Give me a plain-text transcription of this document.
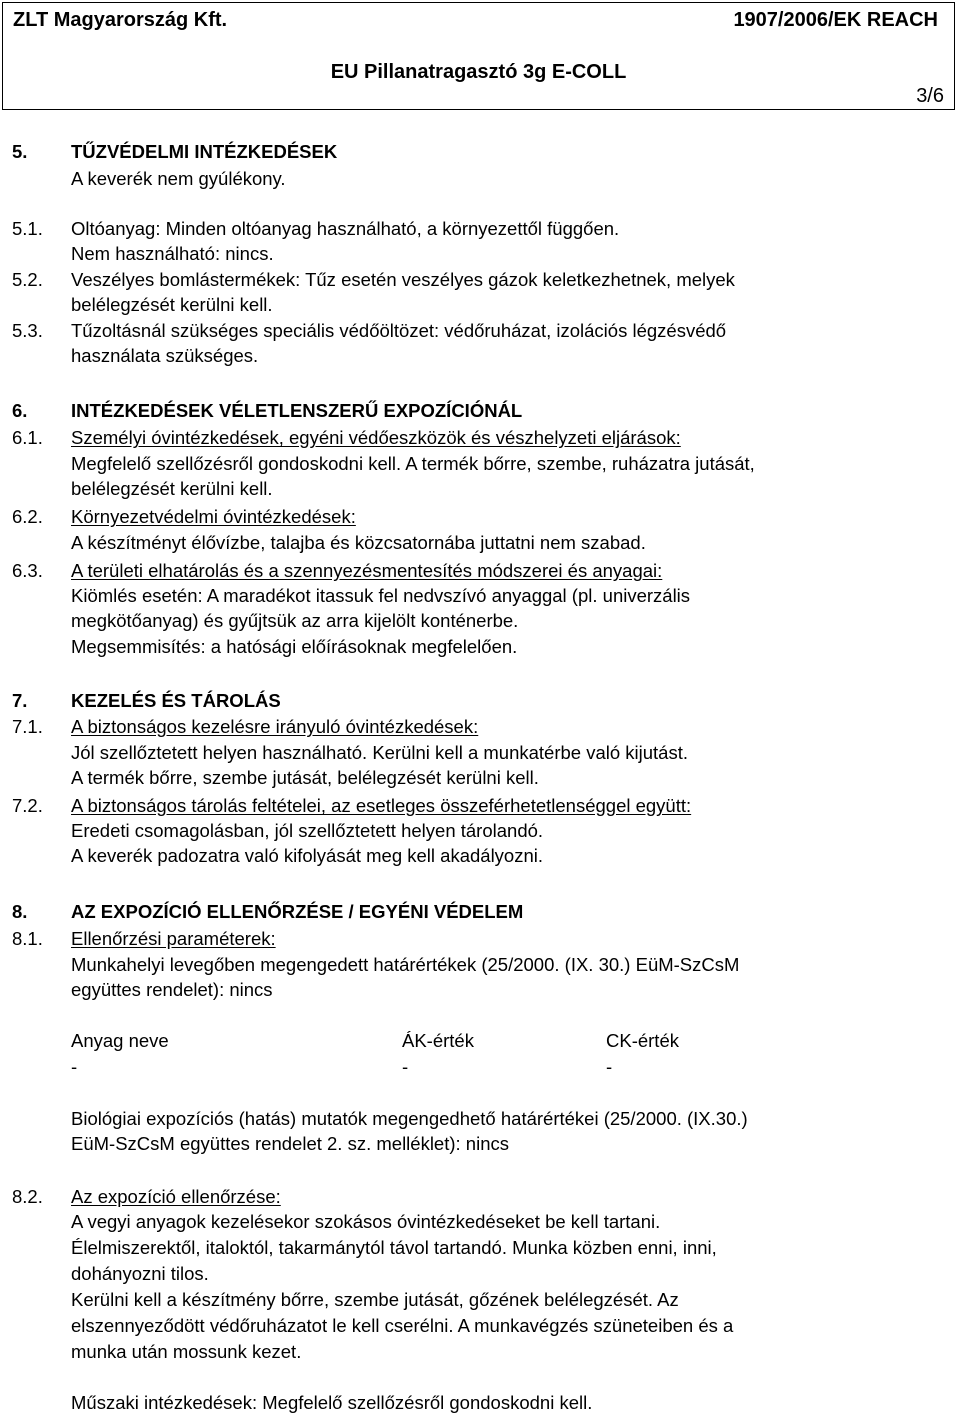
ZLT Magyarország Kft.	1907/2006/EK REACH
EU Pillanatragasztó 3g E-COLL
3/6
5. TŰZVÉDELMI INTÉZKEDÉSEK
A keverék nem gyúlékony.
5.1. Oltóanyag: Minden oltóanyag használható, a környezettől függően.
Nem használható: nincs.
5.2. Veszélyes bomlástermékek: Tűz esetén veszélyes gázok keletkezhetnek, melyek
belélegzését kerülni kell.
5.3. Tűzoltásnál szükséges speciális védőöltözet: védőruházat, izolációs légzésvédő
használata szükséges.
6. INTÉZKEDÉSEK VÉLETLENSZERŰ EXPOZÍCIÓNÁL
6.1. Személyi óvintézkedések, egyéni védőeszközök és vészhelyzeti eljárások:
Megfelelő szellőzésről gondoskodni kell. A termék bőrre, szembe, ruházatra jutását,
belélegzését kerülni kell.
6.2. Környezetvédelmi óvintézkedések:
A készítményt élővízbe, talajba és közcsatornába juttatni nem szabad.
6.3. A területi elhatárolás és a szennyezésmentesítés módszerei és anyagai:
Kiömlés esetén: A maradékot itassuk fel nedvszívó anyaggal (pl. univerzális
megkötőanyag) és gyűjtsük az arra kijelölt konténerbe.
Megsemmisítés: a hatósági előírásoknak megfelelően.
7. KEZELÉS ÉS TÁROLÁS
7.1. A biztonságos kezelésre irányuló óvintézkedések:
Jól szellőztetett helyen használható. Kerülni kell a munkatérbe való kijutást.
A termék bőrre, szembe jutását, belélegzését kerülni kell.
7.2. A biztonságos tárolás feltételei, az esetleges összeférhetetlenséggel együtt:
Eredeti csomagolásban, jól szellőztetett helyen tárolandó.
A keverék padozatra való kifolyását meg kell akadályozni.
8. AZ EXPOZÍCIÓ ELLENŐRZÉSE / EGYÉNI VÉDELEM
8.1. Ellenőrzési paraméterek:
Munkahelyi levegőben megengedett határértékek (25/2000. (IX. 30.) EüM-SzCsM
együttes rendelet): nincs
Anyag neve	ÁK-érték	CK-érték
-	-	-
Biológiai expozíciós (hatás) mutatók megengedhető határértékei (25/2000. (IX.30.)
EüM-SzCsM együttes rendelet 2. sz. melléklet): nincs
8.2. Az expozíció ellenőrzése:
A vegyi anyagok kezelésekor szokásos óvintézkedéseket be kell tartani.
Élelmiszerektől, italoktól, takarmánytól távol tartandó. Munka közben enni, inni,
dohányozni tilos.
Kerülni kell a készítmény bőrre, szembe jutását, gőzének belélegzését. Az
elszennyeződött védőruházatot le kell cserélni. A munkavégzés szüneteiben és a
munka után mossunk kezet.
Műszaki intézkedések: Megfelelő szellőzésről gondoskodni kell.
